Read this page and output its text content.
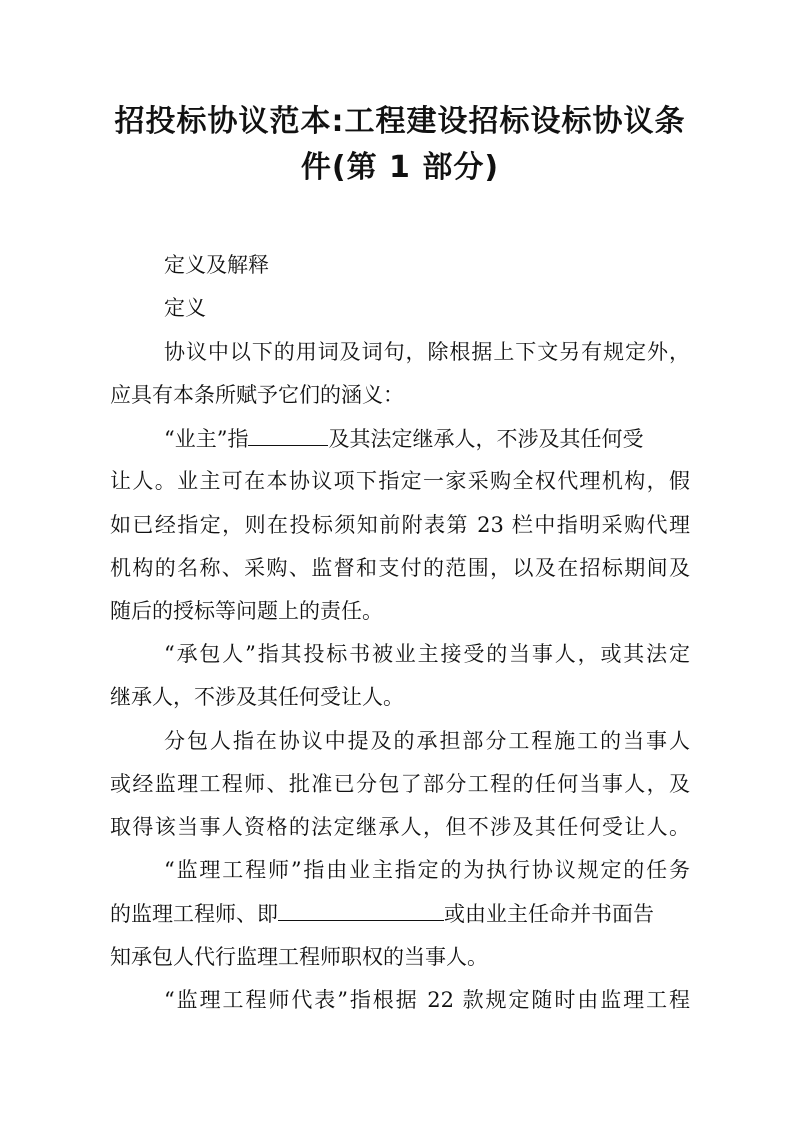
招投标协议范本:工程建设招标设标协议条
件(第 1 部分)

定义及解释

定义

协议中以下的用词及词句，除根据上下文另有规定外，

应具有本条所赋予它们的涵义：

“业主”指	及其法定继承人，不涉及其任何受

让人。业主可在本协议项下指定一家采购全权代理机构，假

如已经指定，则在投标须知前附表第 23 栏中指明采购代理

机构的名称、采购、监督和支付的范围，以及在招标期间及

随后的授标等问题上的责任。

“承包人”指其投标书被业主接受的当事人，或其法定

继承人，不涉及其任何受让人。

分包人指在协议中提及的承担部分工程施工的当事人

或经监理工程师、批准已分包了部分工程的任何当事人，及

取得该当事人资格的法定继承人，但不涉及其任何受让人。

“监理工程师”指由业主指定的为执行协议规定的任务

的监理工程师、即	或由业主任命并书面告

知承包人代行监理工程师职权的当事人。

“监理工程师代表”指根据 22 款规定随时由监理工程
